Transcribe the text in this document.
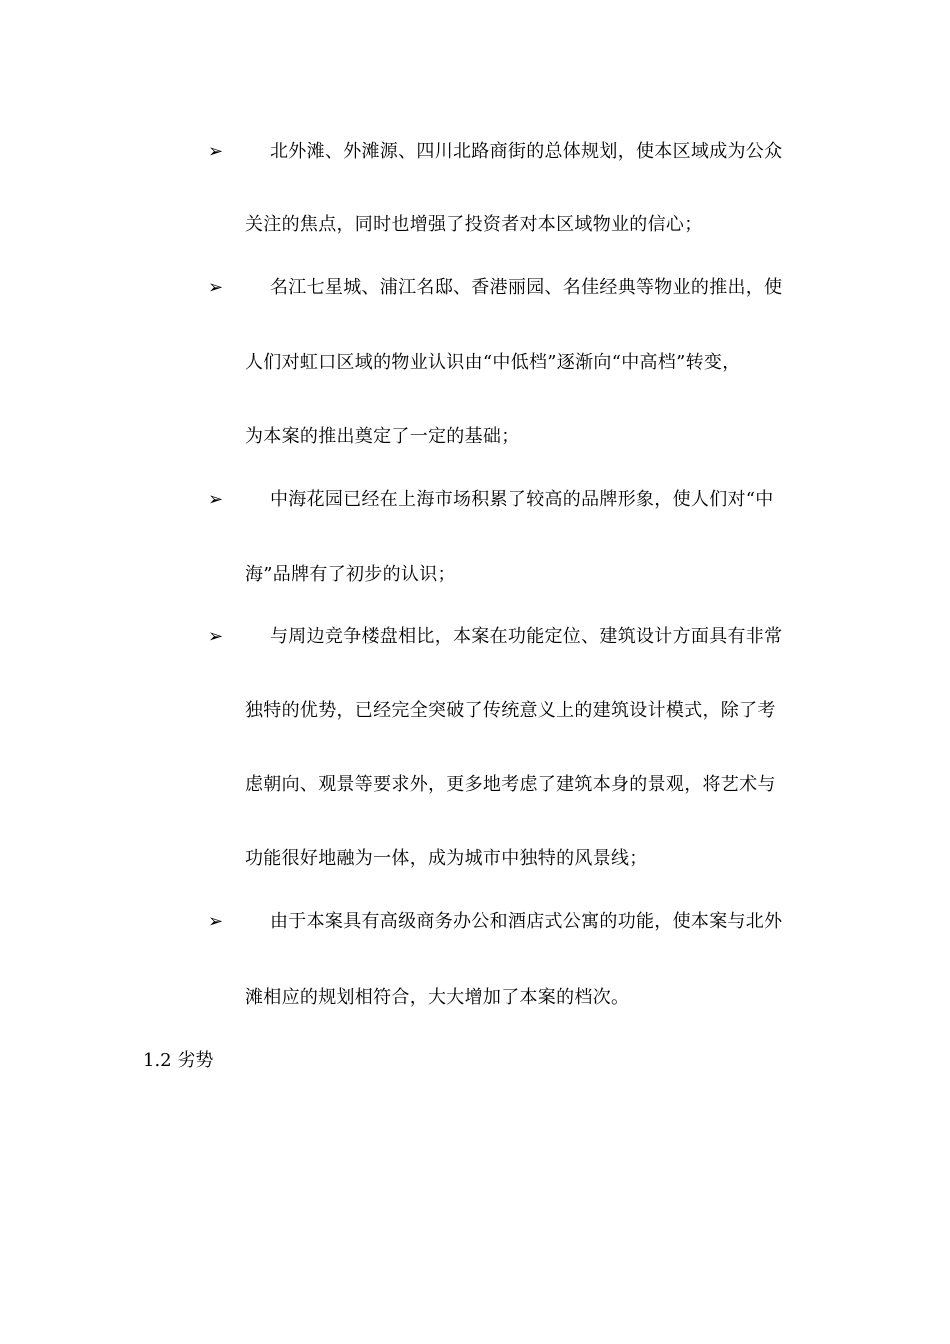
➢	北外滩、外滩源、四川北路商街的总体规划，使本区域成为公众
关注的焦点，同时也增强了投资者对本区域物业的信心；
➢	名江七星城、浦江名邸、香港丽园、名佳经典等物业的推出，使
人们对虹口区域的物业认识由“中低档”逐渐向“中高档”转变，
为本案的推出奠定了一定的基础；
➢	中海花园已经在上海市场积累了较高的品牌形象，使人们对“中
海”品牌有了初步的认识；
➢	与周边竞争楼盘相比，本案在功能定位、建筑设计方面具有非常
独特的优势，已经完全突破了传统意义上的建筑设计模式，除了考
虑朝向、观景等要求外，更多地考虑了建筑本身的景观，将艺术与
功能很好地融为一体，成为城市中独特的风景线；
➢	由于本案具有高级商务办公和酒店式公寓的功能，使本案与北外
滩相应的规划相符合，大大增加了本案的档次。
1.2 劣势
